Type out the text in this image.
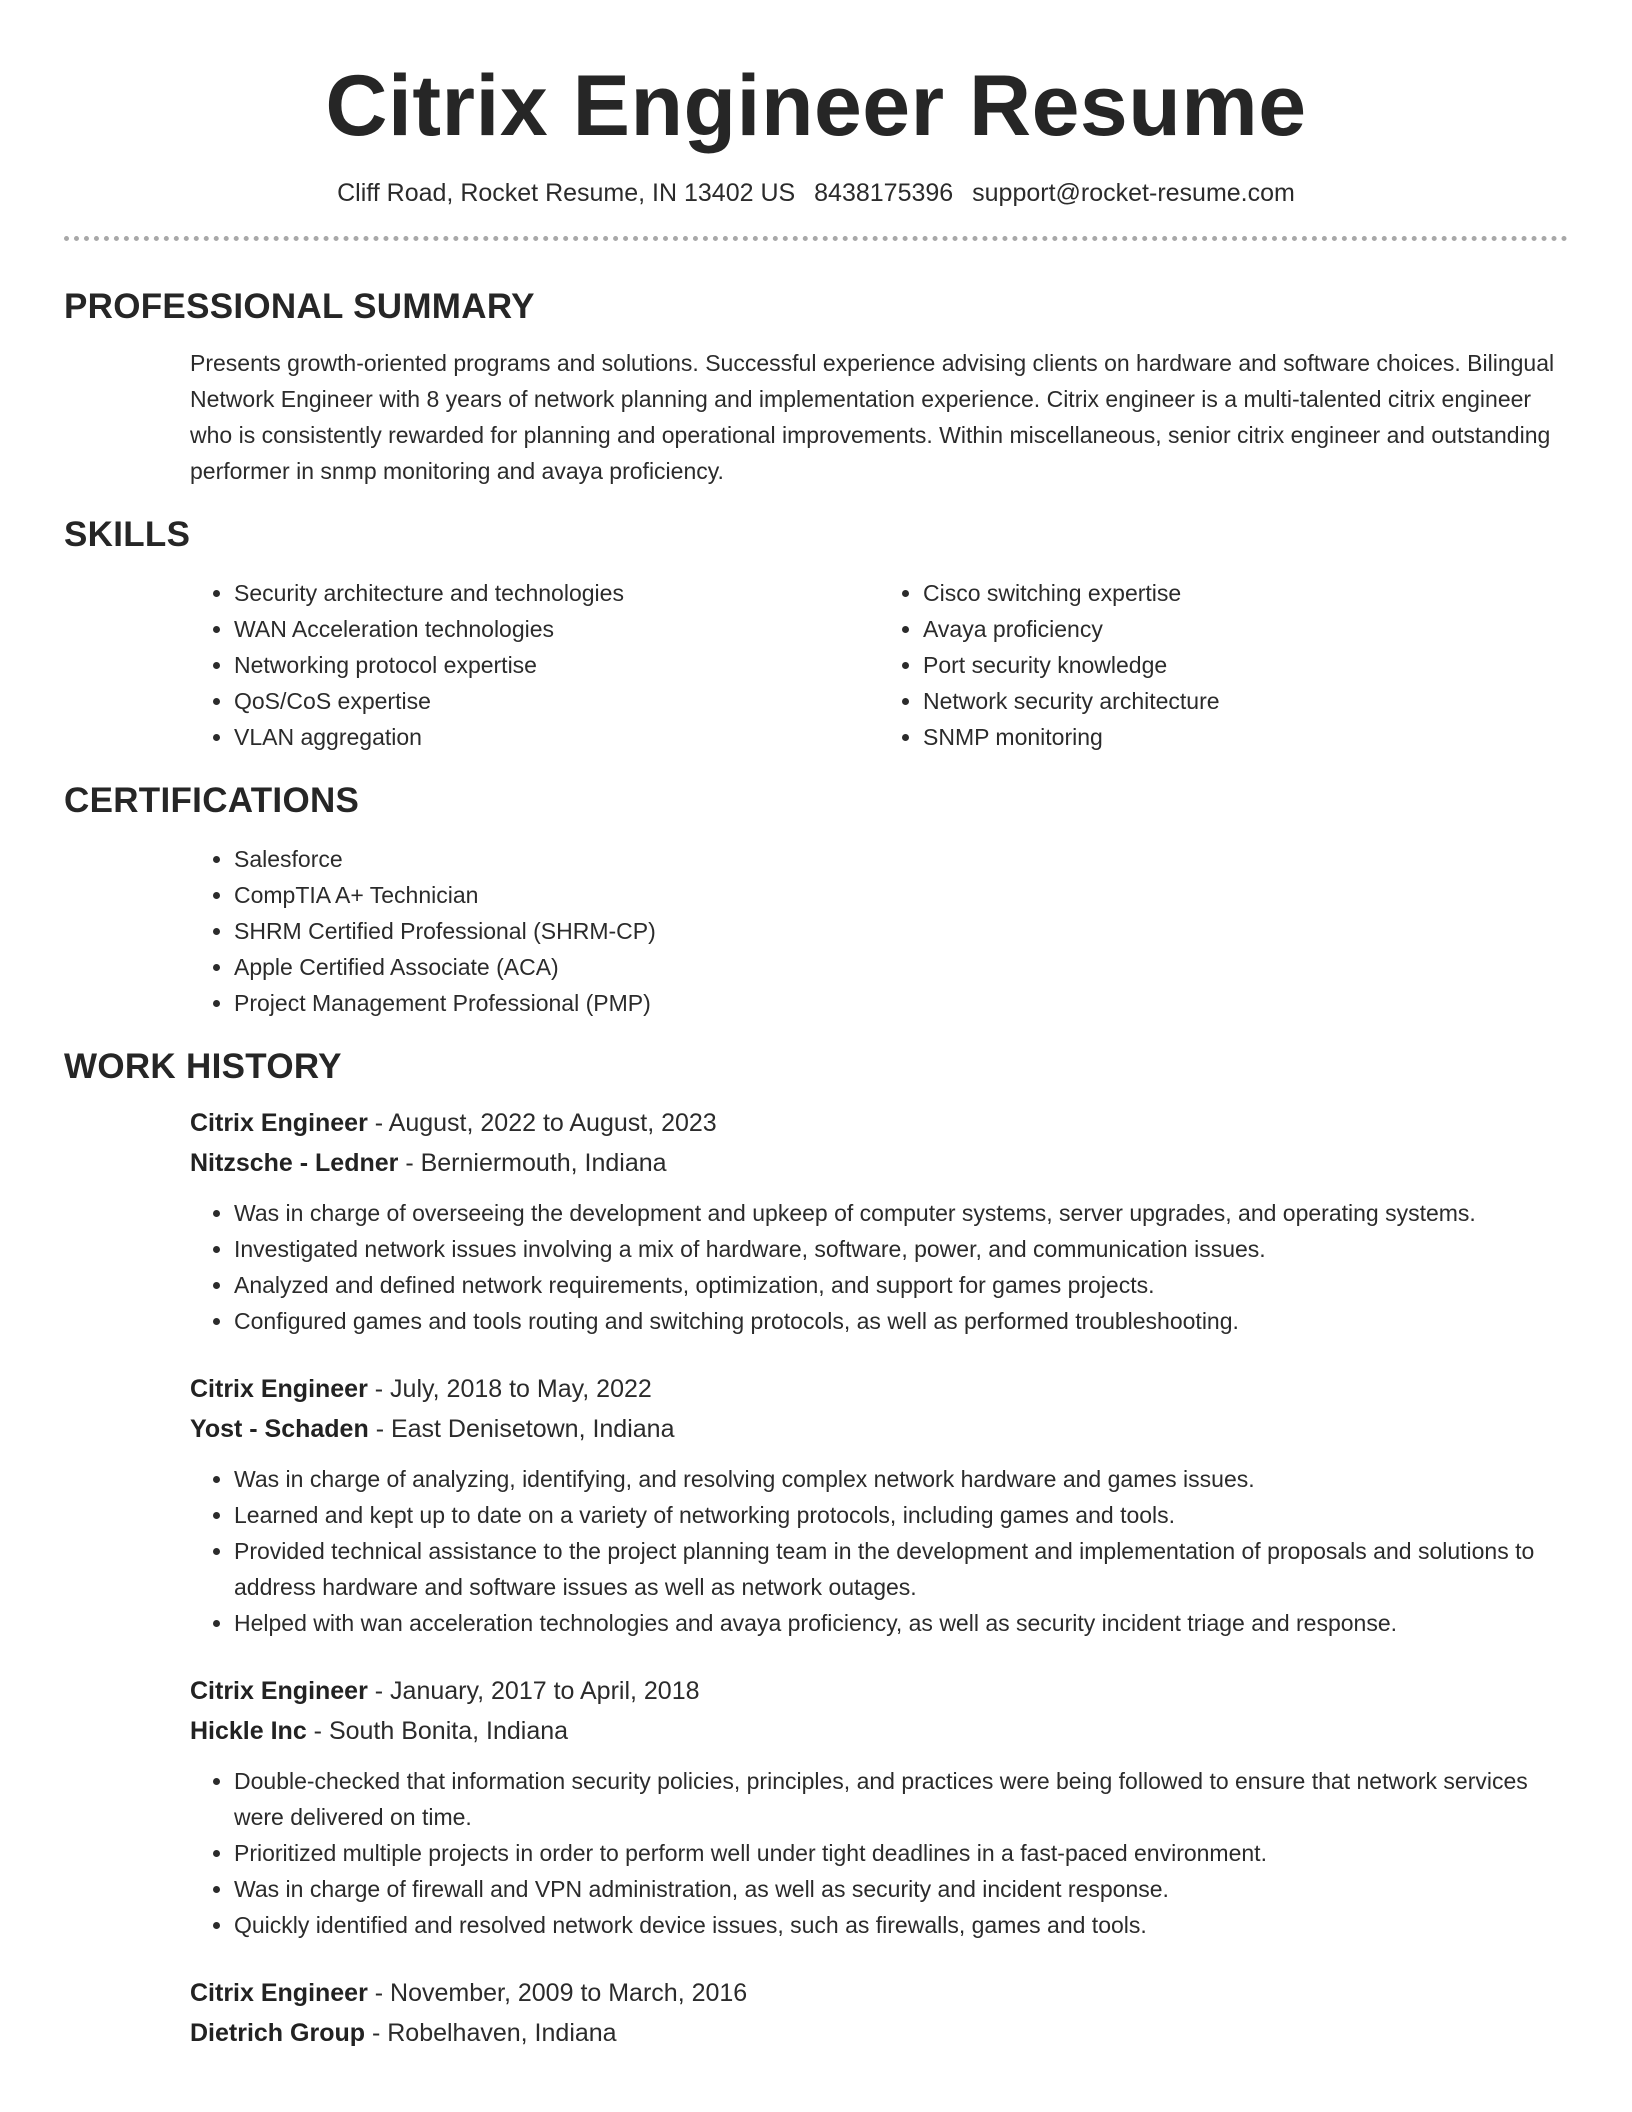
Citrix Engineer Resume
Cliff Road, Rocket Resume, IN 13402 US 8438175396 support@rocket-resume.com
PROFESSIONAL SUMMARY

Presents growth-oriented programs and solutions. Successful experience advising clients on hardware and software choices. Bilingual Network Engineer with 8 years of network planning and implementation experience. Citrix engineer is a multi-talented citrix engineer who is consistently rewarded for planning and operational improvements. Within miscellaneous, senior citrix engineer and outstanding performer in snmp monitoring and avaya proficiency.

SKILLS
• Security architecture and technologies
• WAN Acceleration technologies
• Networking protocol expertise
• QoS/CoS expertise
• VLAN aggregation
• Cisco switching expertise
• Avaya proficiency
• Port security knowledge
• Network security architecture
• SNMP monitoring
CERTIFICATIONS
• Salesforce
• CompTIA A+ Technician
• SHRM Certified Professional (SHRM-CP)
• Apple Certified Associate (ACA)
• Project Management Professional (PMP)
WORK HISTORY
Citrix Engineer - August, 2022 to August, 2023
Nitzsche - Ledner - Berniermouth, Indiana
• Was in charge of overseeing the development and upkeep of computer systems, server upgrades, and operating systems.
• Investigated network issues involving a mix of hardware, software, power, and communication issues.
• Analyzed and defined network requirements, optimization, and support for games projects.
• Configured games and tools routing and switching protocols, as well as performed troubleshooting.
Citrix Engineer - July, 2018 to May, 2022
Yost - Schaden - East Denisetown, Indiana
• Was in charge of analyzing, identifying, and resolving complex network hardware and games issues.
• Learned and kept up to date on a variety of networking protocols, including games and tools.
• Provided technical assistance to the project planning team in the development and implementation of proposals and solutions to address hardware and software issues as well as network outages.
• Helped with wan acceleration technologies and avaya proficiency, as well as security incident triage and response.
Citrix Engineer - January, 2017 to April, 2018
Hickle Inc - South Bonita, Indiana
• Double-checked that information security policies, principles, and practices were being followed to ensure that network services were delivered on time.
• Prioritized multiple projects in order to perform well under tight deadlines in a fast-paced environment.
• Was in charge of firewall and VPN administration, as well as security and incident response.
• Quickly identified and resolved network device issues, such as firewalls, games and tools.
Citrix Engineer - November, 2009 to March, 2016
Dietrich Group - Robelhaven, Indiana
